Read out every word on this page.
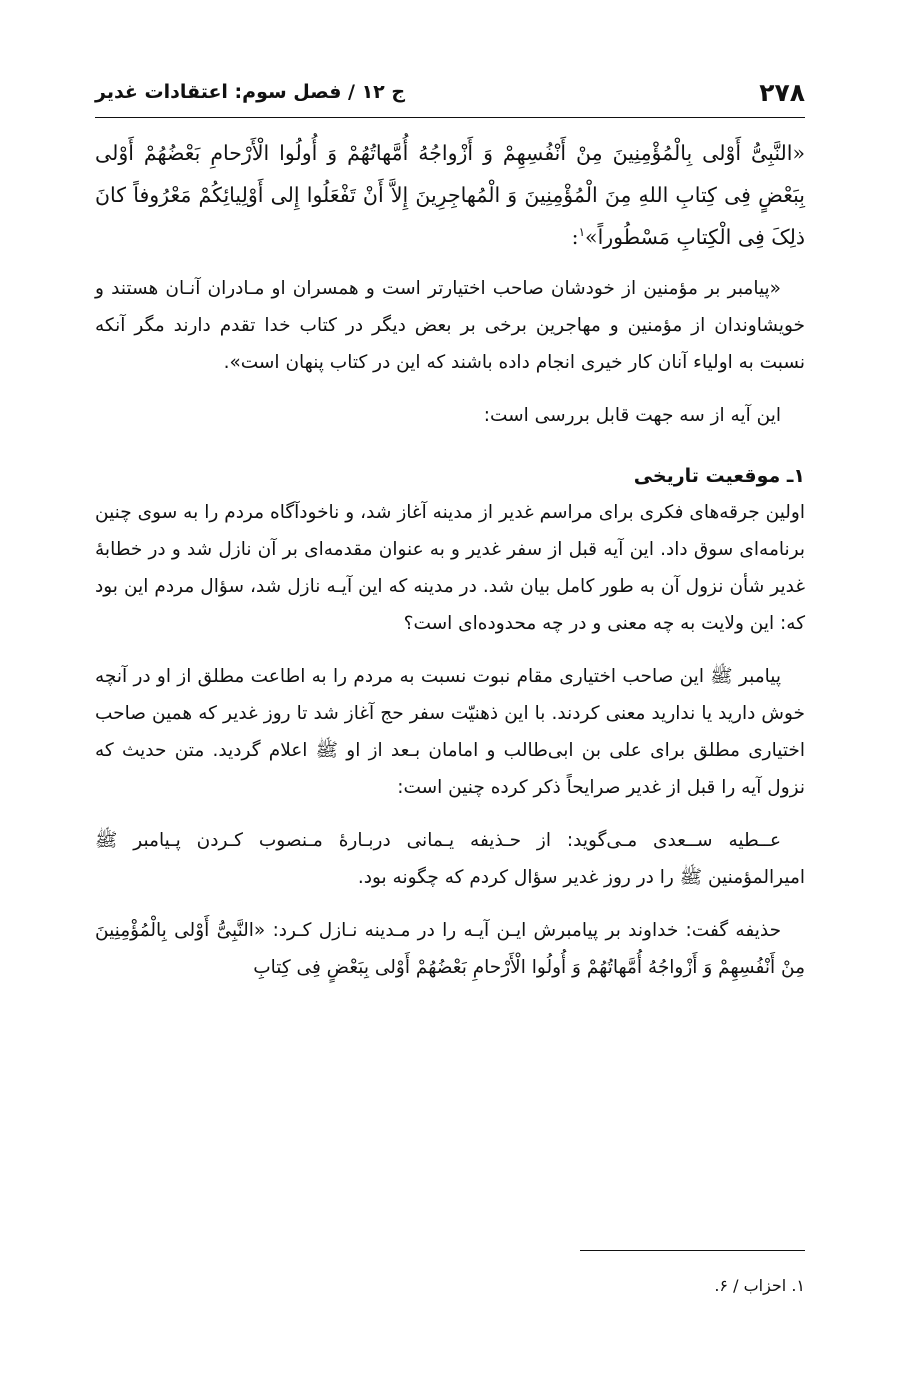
۲۷۸
ج ۱۲ / فصل سوم: اعتقادات غدیر

«النَّبِیُّ أَوْلی بِالْمُؤْمِنِینَ مِنْ أَنْفُسِهِمْ وَ أَزْواجُهُ أُمَّهاتُهُمْ وَ أُولُوا الْأَرْحامِ بَعْضُهُمْ أَوْلی بِبَعْضٍ فِی کِتابِ اللهِ مِنَ الْمُؤْمِنِینَ وَ الْمُهاجِرِینَ إِلاَّ أَنْ تَفْعَلُوا إِلی أَوْلِیائِکُمْ مَعْرُوفاً کانَ ذلِکَ فِی الْکِتابِ مَسْطُوراً»$^۱$:

«پیامبر بر مؤمنین از خودشان صاحب اختیارتر است و همسران او مـادران آنـان هستند و خویشاوندان از مؤمنین و مهاجرین برخی بر بعض دیگر در کتاب خدا تقدم دارند مگر آنکه نسبت به اولیاء آنان کار خیری انجام داده باشند که این در کتاب پنهان است».

این آیه از سه جهت قابل بررسی است:

۱ـ موقعیت تاریخی

اولین جرقه‌های فکری برای مراسم غدیر از مدینه آغاز شد، و ناخودآگاه مردم را به سوی چنین برنامه‌ای سوق داد. این آیه قبل از سفر غدیر و به عنوان مقدمه‌ای بر آن نازل شد و در خطابهٔ غدیر شأن نزول آن به طور کامل بیان شد. در مدینه که این آیـه نازل شد، سؤال مردم این بود که: این ولایت به چه معنی و در چه محدوده‌ای است؟

پیامبر ﷺ این صاحب اختیاری مقام نبوت نسبت به مردم را به اطاعت مطلق از او در آنچه خوش دارید یا ندارید معنی کردند. با این ذهنیّت سفر حج آغاز شد تا روز غدیر که همین صاحب اختیاری مطلق برای علی بن ابی‌طالب و امامان بـعد از او ﷺ اعلام گردید. متن حدیث که نزول آیه را قبل از غدیر صرایحاً ذکر کرده چنین است:

عــطیه ســعدی مـی‌گوید: از حـذیفه یـمانی دربـارهٔ مـنصوب کـردن پـیامبر ﷺ امیرالمؤمنین ﷺ را در روز غدیر سؤال کردم که چگونه بود.

حذیفه گفت: خداوند بر پیامبرش ایـن آیـه را در مـدینه نـازل کـرد: «النَّبِیُّ أَوْلی بِالْمُؤْمِنِینَ مِنْ أَنْفُسِهِمْ وَ أَزْواجُهُ أُمَّهاتُهُمْ وَ أُولُوا الْأَرْحامِ بَعْضُهُمْ أَوْلی بِبَعْضٍ فِی کِتابِ

۱. احزاب / ۶.
